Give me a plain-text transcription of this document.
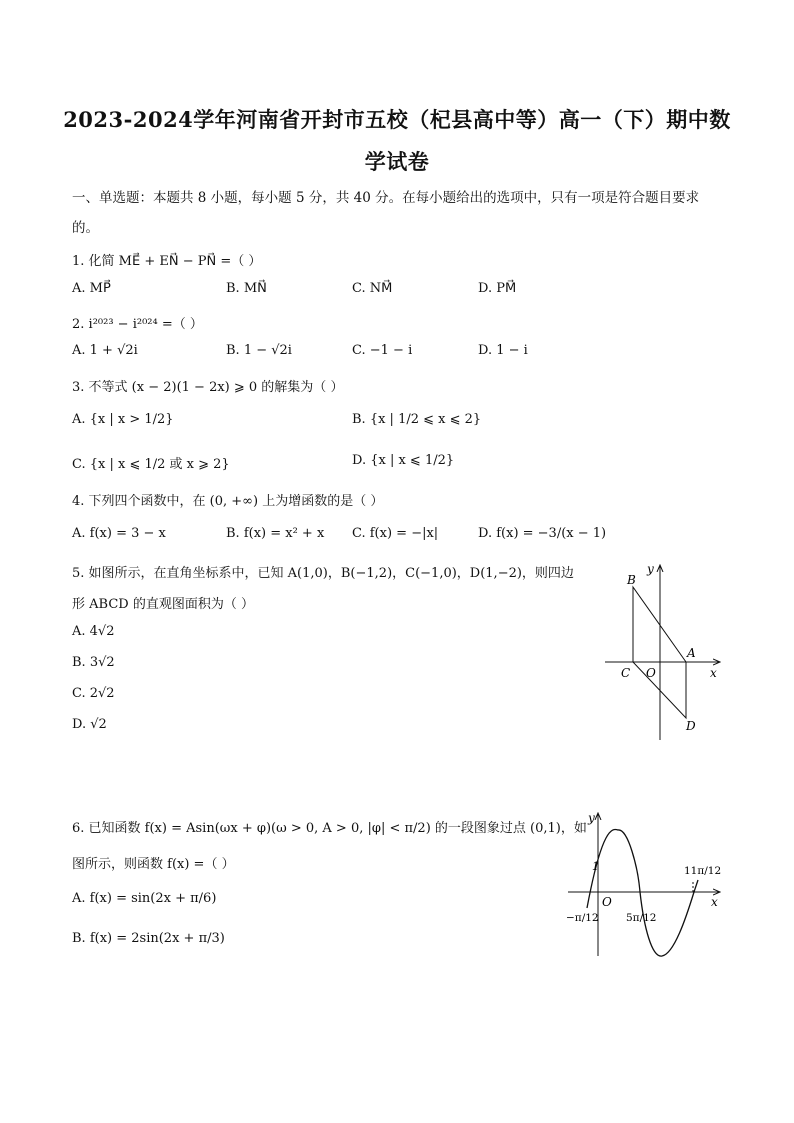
2023-2024学年河南省开封市五校（杞县高中等）高一（下）期中数
学试卷
一、单选题：本题共 8 小题，每小题 5 分，共 40 分。在每小题给出的选项中，只有一项是符合题目要求
的。
1. 化简 ME⃗ + EN⃗ − PN⃗ =（ ）
A. MP⃗	B. MN⃗	C. NM⃗	D. PM⃗
2. i²⁰²³ − i²⁰²⁴ =（ ）
A. 1 + √2i	B. 1 − √2i	C. −1 − i	D. 1 − i
3. 不等式 (x − 2)(1 − 2x) ⩾ 0 的解集为（ ）
A. {x | x > 1/2}	B. {x | 1/2 ⩽ x ⩽ 2}
C. {x | x ⩽ 1/2 或 x ⩾ 2}	D. {x | x ⩽ 1/2}
4. 下列四个函数中，在 (0, +∞) 上为增函数的是（ ）
A. f(x) = 3 − x	B. f(x) = x² + x C. f(x) = −|x|	D. f(x) = −3/(x − 1)
5. 如图所示，在直角坐标系中，已知 A(1,0)，B(−1,2)，C(−1,0)，D(1,−2)，则四边
形 ABCD 的直观图面积为（ ）
A. 4√2
B. 3√2
C. 2√2
D. √2
B
A
C O
D
x
y
6. 已知函数 f(x) = Asin(ωx + φ)(ω > 0, A > 0, |φ| < π/2) 的一段图象过点 (0,1)，如
图所示，则函数 f(x) =（ ）
A. f(x) = sin(2x + π/6)
B. f(x) = 2sin(2x + π/3)
y
x
O
1
−π/12	5π/12
11π/12
